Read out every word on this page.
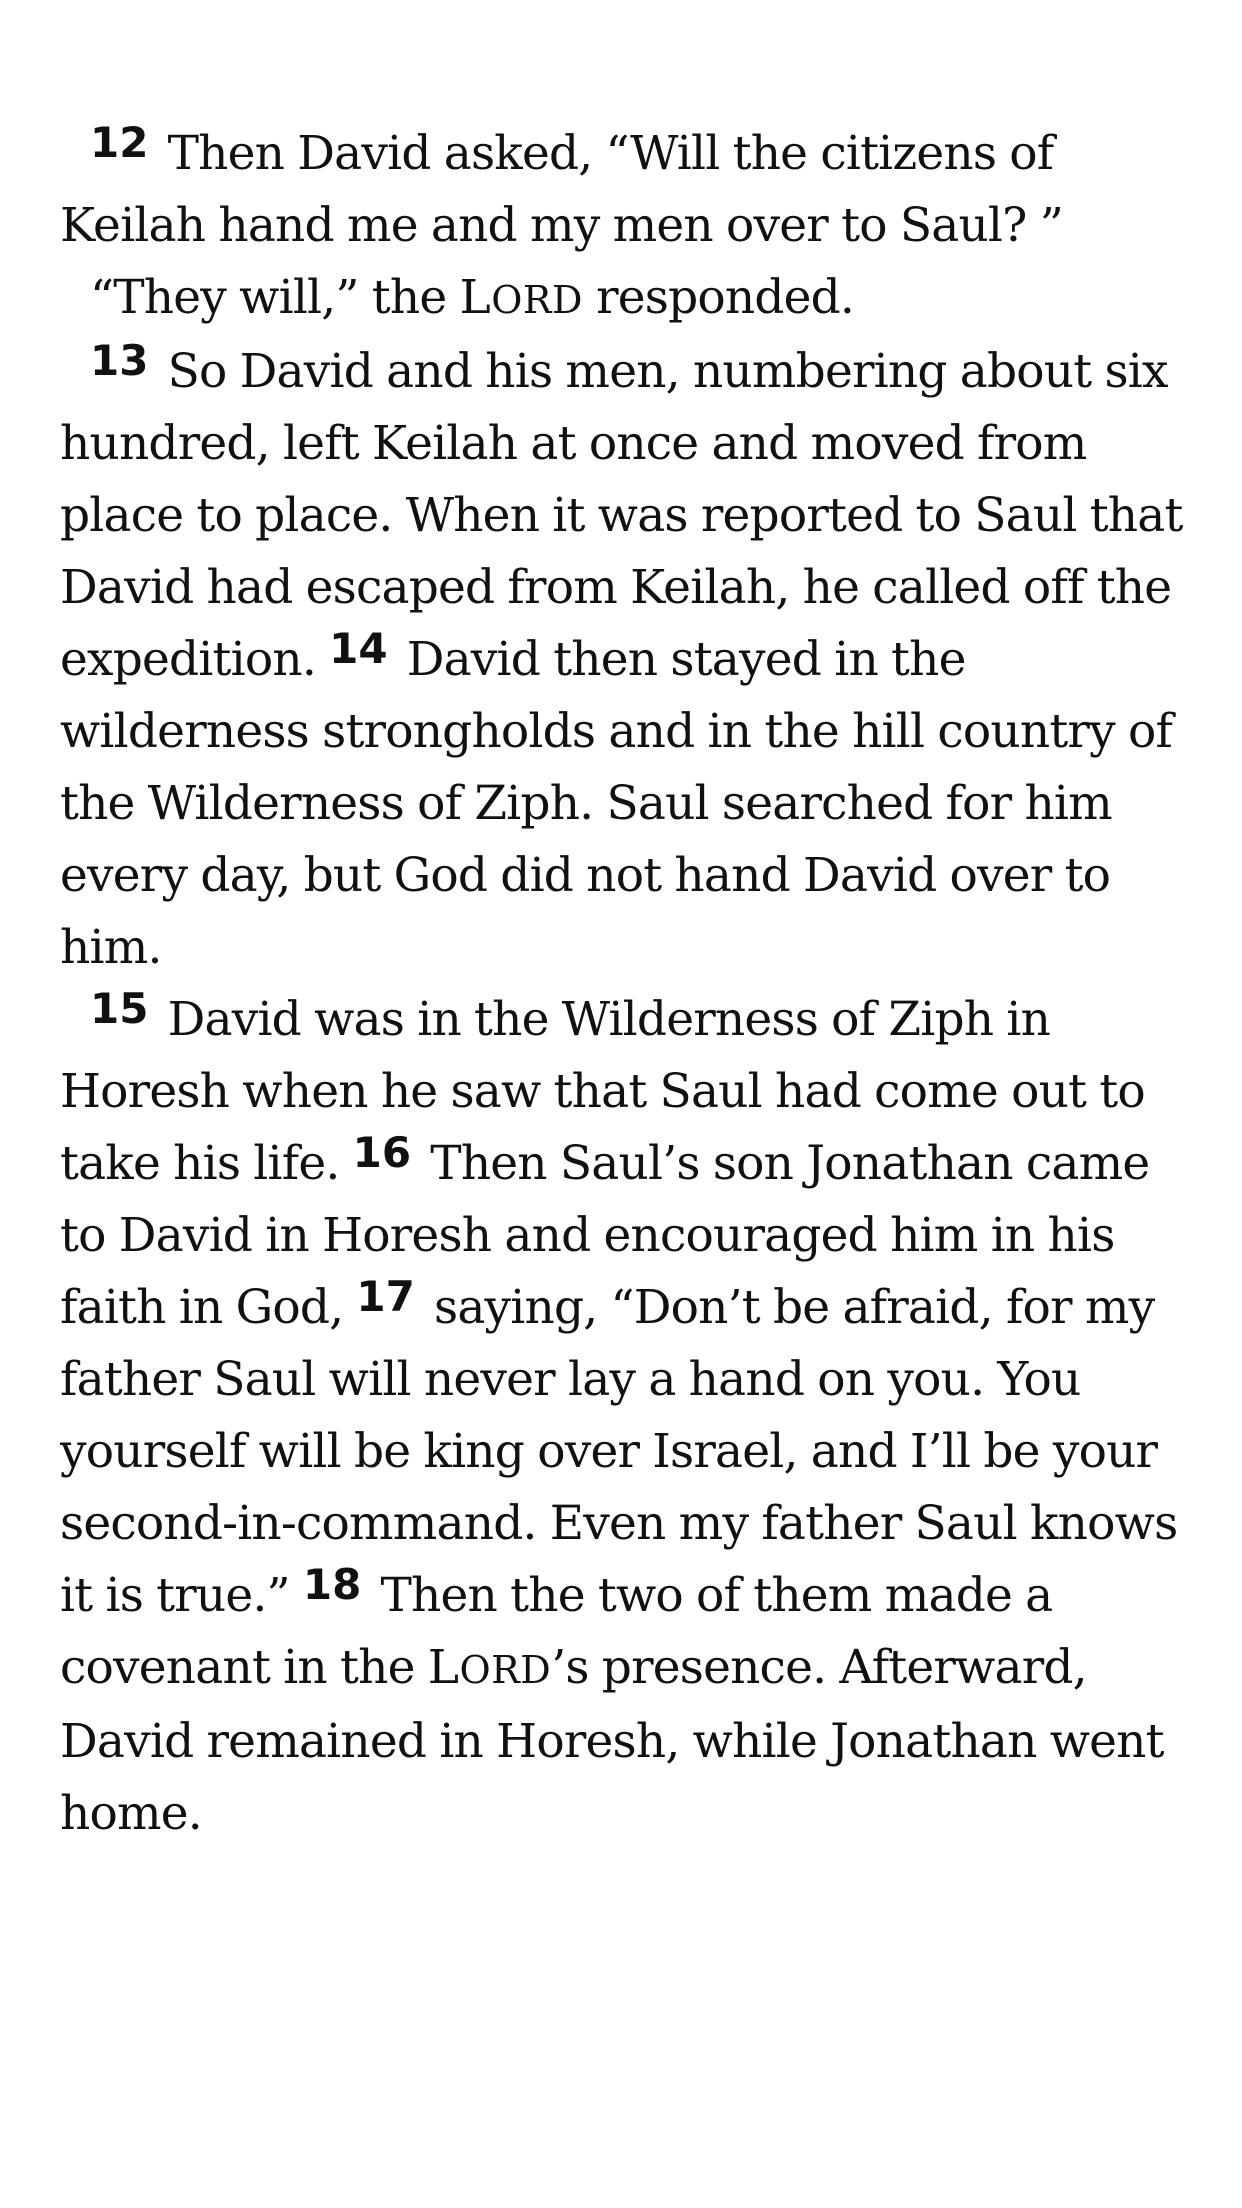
12 Then David asked, “Will the citizens of Keilah hand me and my men over to Saul? ”

“They will,” the LORD responded.

13 So David and his men, numbering about six hundred, left Keilah at once and moved from place to place. When it was reported to Saul that David had escaped from Keilah, he called off the expedition. 14 David then stayed in the wilderness strongholds and in the hill country of the Wilderness of Ziph. Saul searched for him every day, but God did not hand David over to him.

15 David was in the Wilderness of Ziph in Horesh when he saw that Saul had come out to take his life. 16 Then Saul’s son Jonathan came to David in Horesh and encouraged him in his faith in God, 17 saying, “Don’t be afraid, for my father Saul will never lay a hand on you. You yourself will be king over Israel, and I’ll be your second-in-command. Even my father Saul knows it is true.” 18 Then the two of them made a covenant in the LORD’s presence. Afterward, David remained in Horesh, while Jonathan went home.
